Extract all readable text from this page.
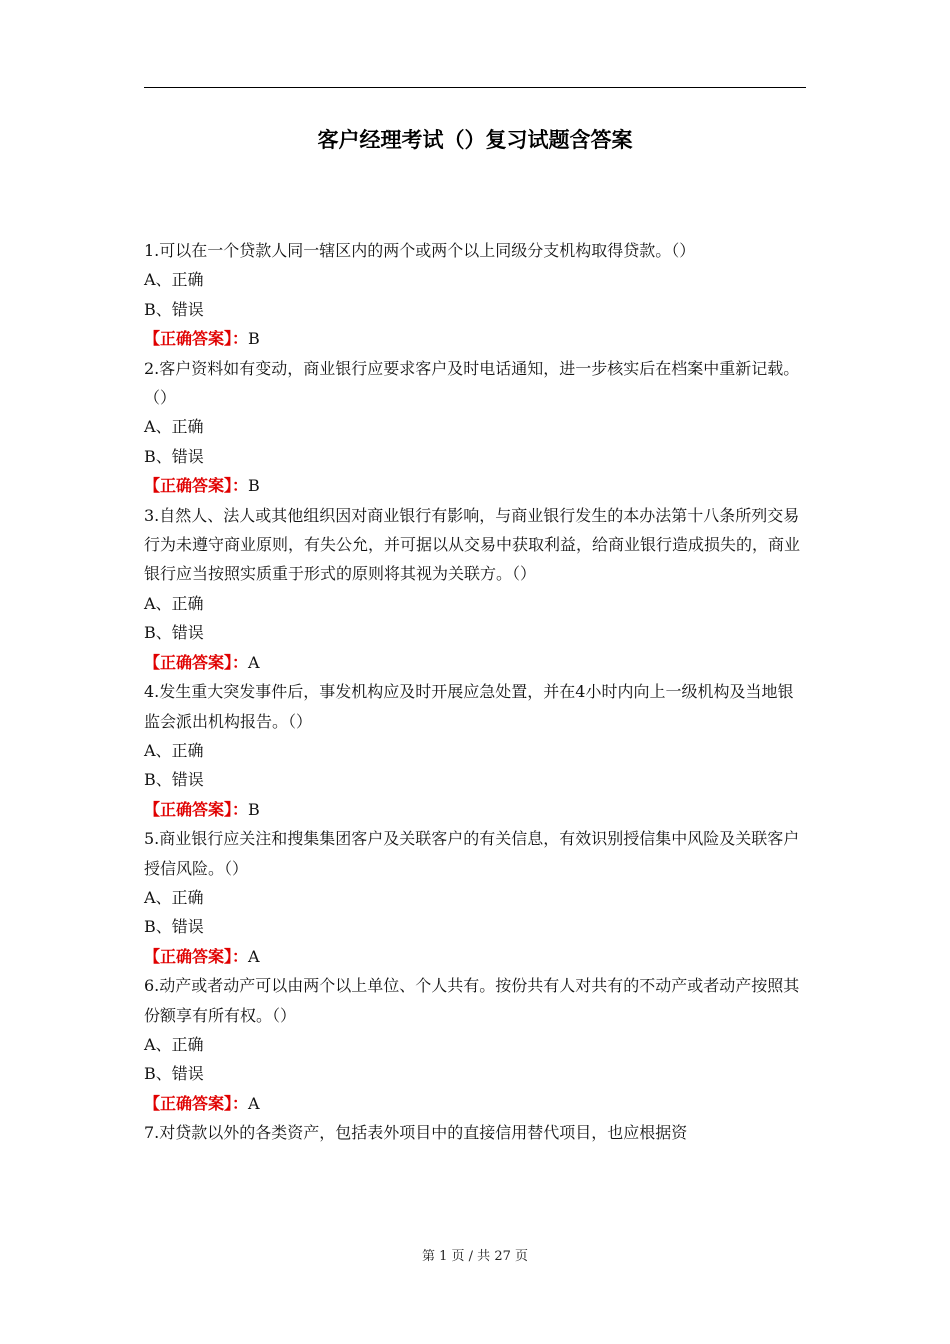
客户经理考试（）复习试题含答案

1.可以在一个贷款人同一辖区内的两个或两个以上同级分支机构取得贷款。（）

A、正确

B、错误

【正确答案】：B

2.客户资料如有变动，商业银行应要求客户及时电话通知，进一步核实后在档案中重新记载。（）

A、正确

B、错误

【正确答案】：B

3.自然人、法人或其他组织因对商业银行有影响，与商业银行发生的本办法第十八条所列交易行为未遵守商业原则，有失公允，并可据以从交易中获取利益，给商业银行造成损失的，商业银行应当按照实质重于形式的原则将其视为关联方。（）

A、正确

B、错误

【正确答案】：A

4.发生重大突发事件后，事发机构应及时开展应急处置，并在4小时内向上一级机构及当地银监会派出机构报告。（）

A、正确

B、错误

【正确答案】：B

5.商业银行应关注和搜集集团客户及关联客户的有关信息，有效识别授信集中风险及关联客户授信风险。（）

A、正确

B、错误

【正确答案】：A

6.动产或者动产可以由两个以上单位、个人共有。按份共有人对共有的不动产或者动产按照其份额享有所有权。（）

A、正确

B、错误

【正确答案】：A

7.对贷款以外的各类资产，包括表外项目中的直接信用替代项目，也应根据资

第 1 页 / 共 27 页
